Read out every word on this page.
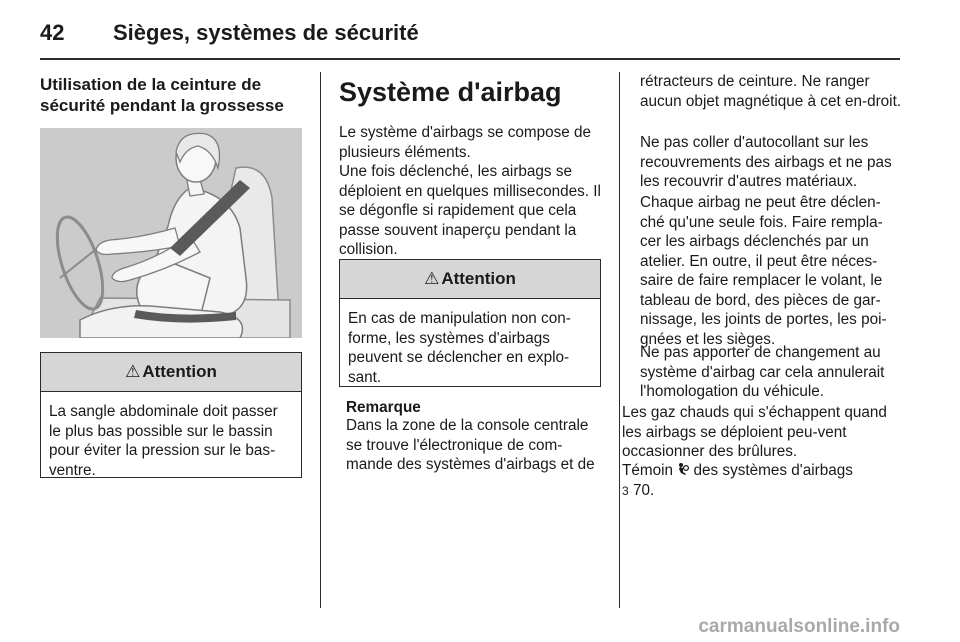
42 Sièges, systèmes de sécurité
Utilisation de la ceinture de sécurité pendant la grossesse
⚠ Attention
La sangle abdominale doit passer le plus bas possible sur le bassin pour éviter la pression sur le bas-ventre.
Système d'airbag
Le système d'airbags se compose de plusieurs éléments.
Une fois déclenché, les airbags se déploient en quelques millisecondes. Il se dégonfle si rapidement que cela passe souvent inaperçu pendant la collision.
⚠ Attention
En cas de manipulation non con-forme, les systèmes d'airbags peuvent se déclencher en explo-sant.
Remarque
Dans la zone de la console centrale se trouve l'électronique de com-mande des systèmes d'airbags et de
rétracteurs de ceinture. Ne ranger aucun objet magnétique à cet en-droit.
Ne pas coller d'autocollant sur les recouvrements des airbags et ne pas les recouvrir d'autres matériaux.
Chaque airbag ne peut être déclen-ché qu'une seule fois. Faire rempla-cer les airbags déclenchés par un atelier. En outre, il peut être néces-saire de faire remplacer le volant, le tableau de bord, des pièces de gar-nissage, les joints de portes, les poi-gnées et les sièges.
Ne pas apporter de changement au système d'airbag car cela annulerait l'homologation du véhicule.
Les gaz chauds qui s'échappent quand les airbags se déploient peu-vent occasionner des brûlures.
Témoin des systèmes d'airbags
3 70.
carmanualsonline.info
